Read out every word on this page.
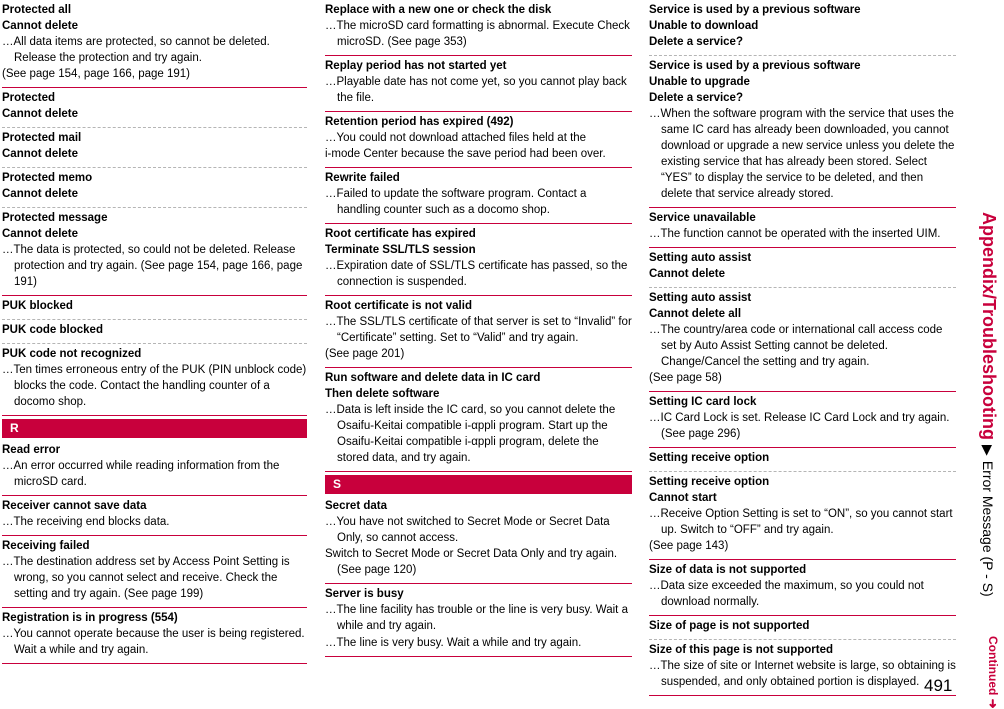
Protected all
Cannot delete
…All data items are protected, so cannot be deleted. Release the protection and try again.
(See page 154, page 166, page 191)
Protected
Cannot delete
Protected mail
Cannot delete
Protected memo
Cannot delete
Protected message
Cannot delete
…The data is protected, so could not be deleted. Release protection and try again. (See page 154, page 166, page 191)
PUK blocked
PUK code blocked
PUK code not recognized
…Ten times erroneous entry of the PUK (PIN unblock code) blocks the code. Contact the handling counter of a docomo shop.
R
Read error
…An error occurred while reading information from the microSD card.
Receiver cannot save data
…The receiving end blocks data.
Receiving failed
…The destination address set by Access Point Setting is wrong, so you cannot select and receive. Check the setting and try again. (See page 199)
Registration is in progress (554)
…You cannot operate because the user is being registered. Wait a while and try again.
Replace with a new one or check the disk
…The microSD card formatting is abnormal. Execute Check microSD. (See page 353)
Replay period has not started yet
…Playable date has not come yet, so you cannot play back the file.
Retention period has expired (492)
…You could not download attached files held at the
i-mode Center because the save period had been over.
Rewrite failed
…Failed to update the software program. Contact a handling counter such as a docomo shop.
Root certificate has expired
Terminate SSL/TLS session
…Expiration date of SSL/TLS certificate has passed, so the connection is suspended.
Root certificate is not valid
…The SSL/TLS certificate of that server is set to “Invalid” for “Certificate” setting. Set to “Valid” and try again.
(See page 201)
Run software and delete data in IC card
Then delete software
…Data is left inside the IC card, so you cannot delete the Osaifu-Keitai compatible i-αppli program. Start up the Osaifu-Keitai compatible i-αppli program, delete the stored data, and try again.
S
Secret data
…You have not switched to Secret Mode or Secret Data Only, so cannot access.
Switch to Secret Mode or Secret Data Only and try again. (See page 120)
Server is busy
…The line facility has trouble or the line is very busy. Wait a while and try again.
…The line is very busy. Wait a while and try again.
Service is used by a previous software
Unable to download
Delete a service?
Service is used by a previous software
Unable to upgrade
Delete a service?
…When the software program with the service that uses the same IC card has already been downloaded, you cannot download or upgrade a new service unless you delete the existing service that has already been stored. Select “YES” to display the service to be deleted, and then delete that service already stored.
Service unavailable
…The function cannot be operated with the inserted UIM.
Setting auto assist
Cannot delete
Setting auto assist
Cannot delete all
…The country/area code or international call access code set by Auto Assist Setting cannot be deleted. Change/Cancel the setting and try again.
(See page 58)
Setting IC card lock
…IC Card Lock is set. Release IC Card Lock and try again. (See page 296)
Setting receive option
Setting receive option
Cannot start
…Receive Option Setting is set to “ON”, so you cannot start up. Switch to “OFF” and try again.
(See page 143)
Size of data is not supported
…Data size exceeded the maximum, so you could not download normally.
Size of page is not supported
Size of this page is not supported
…The size of site or Internet website is large, so obtaining is suspended, and only obtained portion is displayed.
Appendix/Troubleshooting ▶ Error Message (P - S)
Continued ➜
491
